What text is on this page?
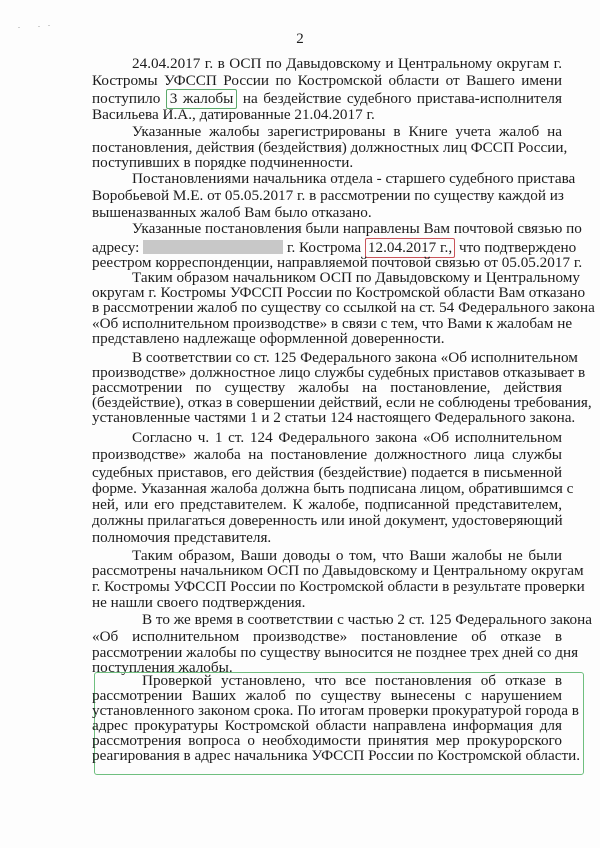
2
24.04.2017 г. в ОСП по Давыдовскому и Центральному округам г.
Костромы УФССП России по Костромской области от Вашего имени
поступило 3 жалобы на бездействие судебного пристава-исполнителя
Васильева И.А., датированные 21.04.2017 г.
Указанные жалобы зарегистрированы в Книге учета жалоб на
постановления, действия (бездействия) должностных лиц ФССП России,
поступивших в порядке подчиненности.
Постановлениями начальника отдела - старшего судебного пристава
Воробьевой М.Е. от 05.05.2017 г. в рассмотрении по существу каждой из
вышеназванных жалоб Вам было отказано.
Указанные постановления были направлены Вам почтовой связью по
адресу:	г. Кострома 12.04.2017 г., что подтверждено
реестром корреспонденции, направляемой почтовой связью от 05.05.2017 г.
Таким образом начальником ОСП по Давыдовскому и Центральному
округам г. Костромы УФССП России по Костромской области Вам отказано
в рассмотрении жалоб по существу со ссылкой на ст. 54 Федерального закона
«Об исполнительном производстве» в связи с тем, что Вами к жалобам не
представлено надлежаще оформленной доверенности.
В соответствии со ст. 125 Федерального закона «Об исполнительном
производстве» должностное лицо службы судебных приставов отказывает в
рассмотрении по существу жалобы на постановление, действия
(бездействие), отказ в совершении действий, если не соблюдены требования,
установленные частями 1 и 2 статьи 124 настоящего Федерального закона.
Согласно ч. 1 ст. 124 Федерального закона «Об исполнительном
производстве» жалоба на постановление должностного лица службы
судебных приставов, его действия (бездействие) подается в письменной
форме. Указанная жалоба должна быть подписана лицом, обратившимся с
ней, или его представителем. К жалобе, подписанной представителем,
должны прилагаться доверенность или иной документ, удостоверяющий
полномочия представителя.
Таким образом, Ваши доводы о том, что Ваши жалобы не были
рассмотрены начальником ОСП по Давыдовскому и Центральному округам
г. Костромы УФССП России по Костромской области в результате проверки
не нашли своего подтверждения.
В то же время в соответствии с частью 2 ст. 125 Федерального закона
«Об исполнительном производстве» постановление об отказе в
рассмотрении жалобы по существу выносится не позднее трех дней со дня
поступления жалобы.
Проверкой установлено, что все постановления об отказе в
рассмотрении Ваших жалоб по существу вынесены с нарушением
установленного законом срока. По итогам проверки прокуратурой города в
адрес прокуратуры Костромской области направлена информация для
рассмотрения вопроса о необходимости принятия мер прокурорского
реагирования в адрес начальника УФССП России по Костромской области.
